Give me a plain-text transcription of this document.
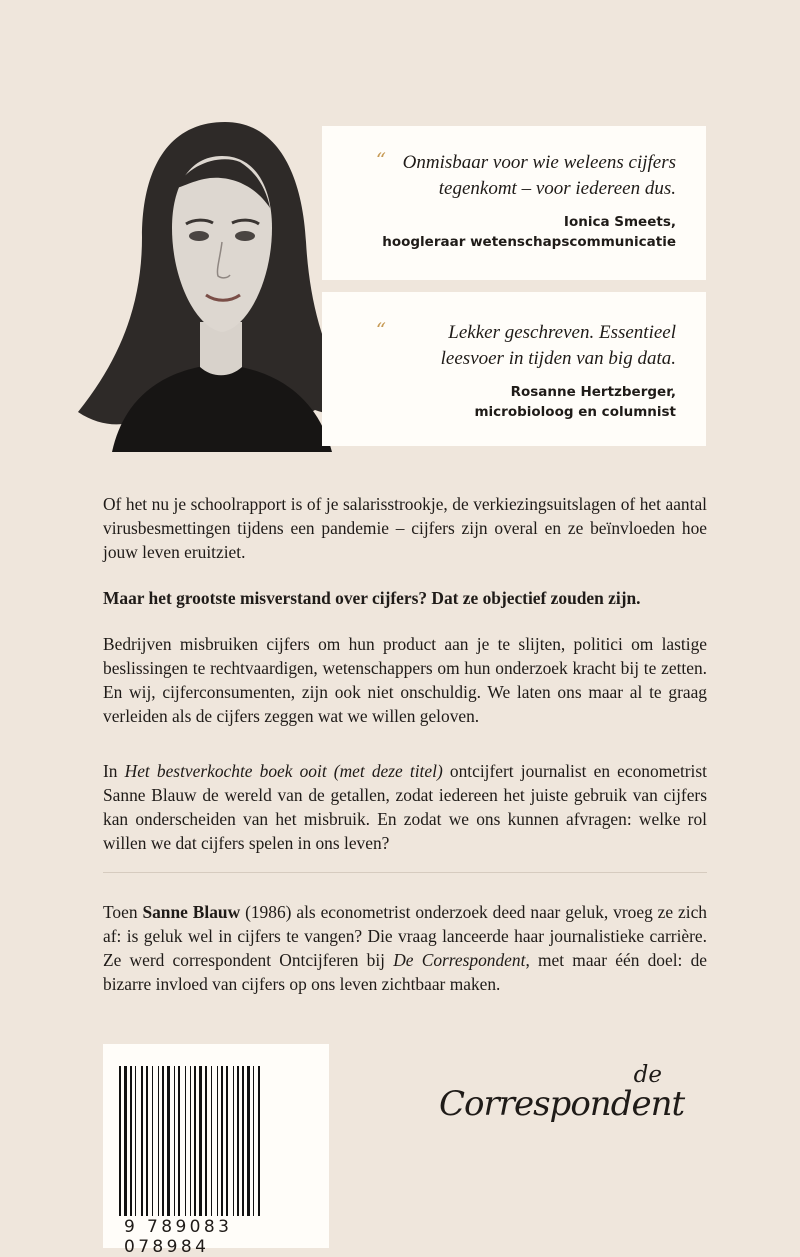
“ Onmisbaar voor wie weleens cijfers tegenkomt – voor iedereen dus.
Ionica Smeets,
hoogleraar wetenschapscommunicatie
“	Lekker geschreven. Essentieel leesvoer in tijden van big data.
Rosanne Hertzberger,
microbioloog en columnist

Of het nu je schoolrapport is of je salarisstrookje, de verkiezingsuitslagen of het aantal virusbesmettingen tijdens een pandemie – cijfers zijn overal en ze beïnvloeden hoe jouw leven eruitziet.

Maar het grootste misverstand over cijfers? Dat ze objectief zouden zijn.

Bedrijven misbruiken cijfers om hun product aan je te slijten, politici om lastige beslissingen te rechtvaardigen, wetenschappers om hun onderzoek kracht bij te zetten. En wij, cijferconsumenten, zijn ook niet onschuldig. We laten ons maar al te graag verleiden als de cijfers zeggen wat we willen geloven.

In Het bestverkochte boek ooit (met deze titel) ontcijfert journalist en econometrist Sanne Blauw de wereld van de getallen, zodat iedereen het juiste gebruik van cijfers kan onderscheiden van het misbruik. En zodat we ons kunnen afvragen: welke rol willen we dat cijfers spelen in ons leven?

Toen Sanne Blauw (1986) als econometrist onderzoek deed naar geluk, vroeg ze zich af: is geluk wel in cijfers te vangen? Die vraag lanceerde haar journalistieke carrière. Ze werd correspondent Ontcijferen bij De Correspondent, met maar één doel: de bizarre invloed van cijfers op ons leven zichtbaar maken.

9 789083 078984
de
Correspondent
